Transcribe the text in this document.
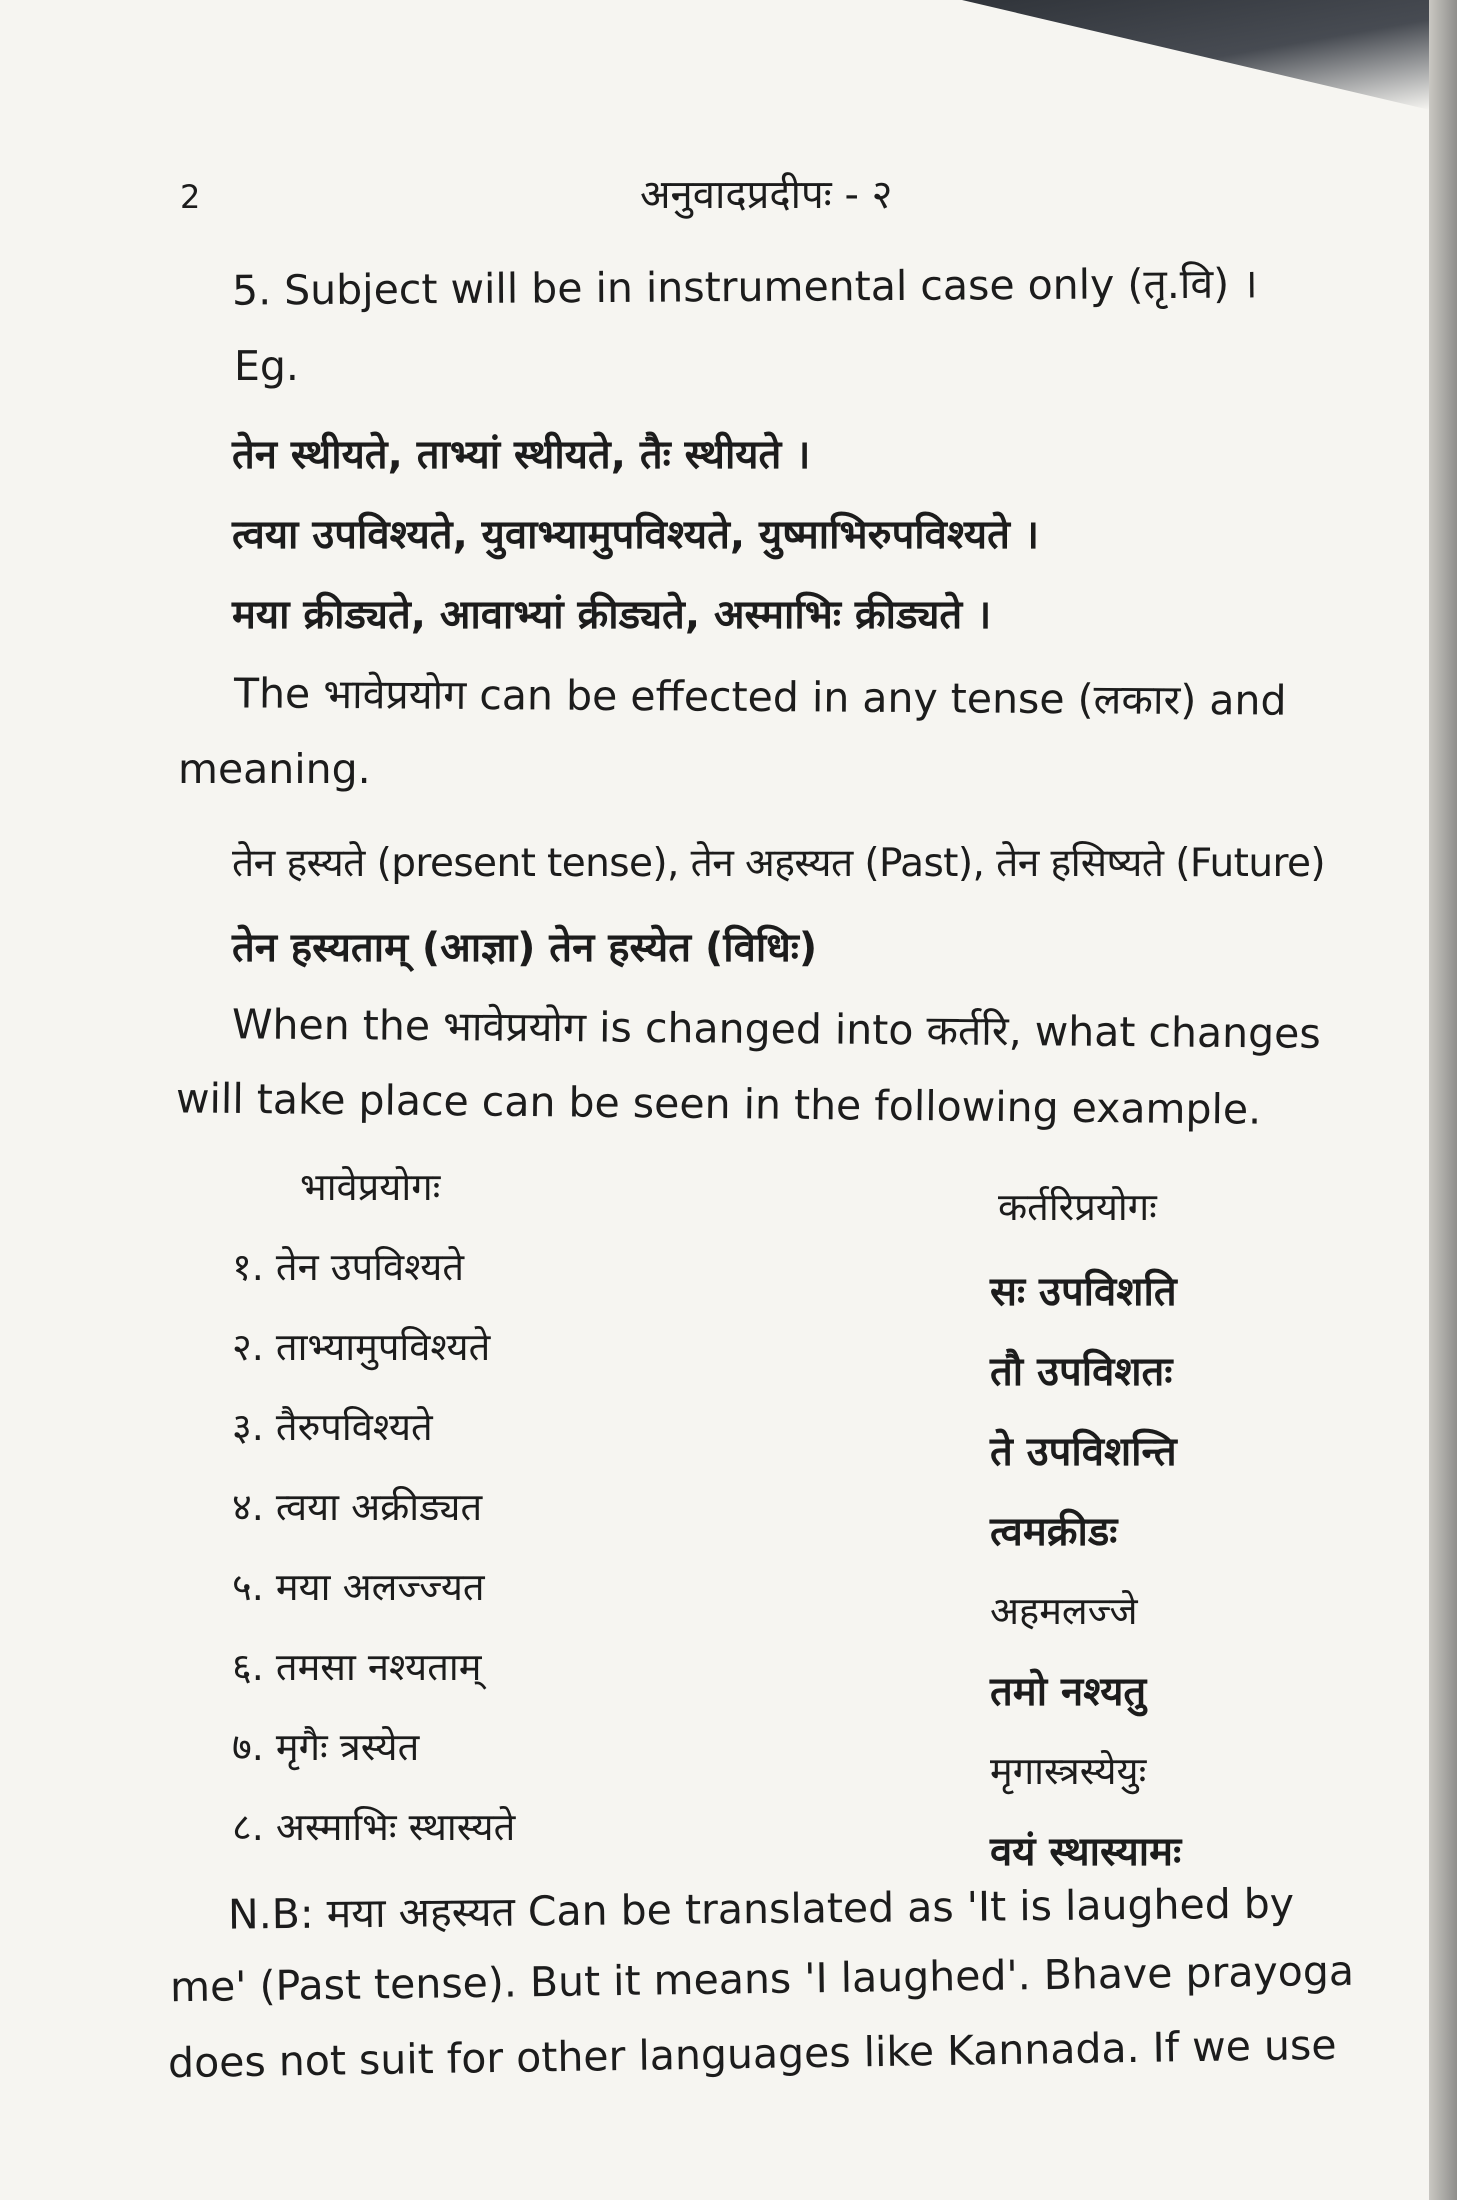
2	अनुवादप्रदीपः - २
5. Subject will be in instrumental case only (तृ.वि) ।
Eg.
तेन स्थीयते, ताभ्यां स्थीयते, तैः स्थीयते ।
त्वया उपविश्यते, युवाभ्यामुपविश्यते, युष्माभिरुपविश्यते ।
मया क्रीड्यते, आवाभ्यां क्रीड्यते, अस्माभिः क्रीड्यते ।
The भावेप्रयोग can be effected in any tense (लकार) and
meaning.
तेन हस्यते (present tense), तेन अहस्यत (Past), तेन हसिष्यते (Future)
तेन हस्यताम् (आज्ञा) तेन हस्येत (विधिः)
When the भावेप्रयोग is changed into कर्तरि, what changes
will take place can be seen in the following example.
भावेप्रयोगः	कर्तरिप्रयोगः
१. तेन उपविश्यते
२. ताभ्यामुपविश्यते
३. तैरुपविश्यते
४. त्वया अक्रीड्यत
५. मया अलज्ज्यत
६. तमसा नश्यताम्
७. मृगैः त्रस्येत
८. अस्माभिः स्थास्यते
सः उपविशति
तौ उपविशतः
ते उपविशन्ति
त्वमक्रीडः
अहमलज्जे
तमो नश्यतु
मृगास्त्रस्येयुः
वयं स्थास्यामः
N.B: मया अहस्यत Can be translated as 'It is laughed by
me' (Past tense). But it means 'I laughed'. Bhave prayoga
does not suit for other languages like Kannada. If we use
